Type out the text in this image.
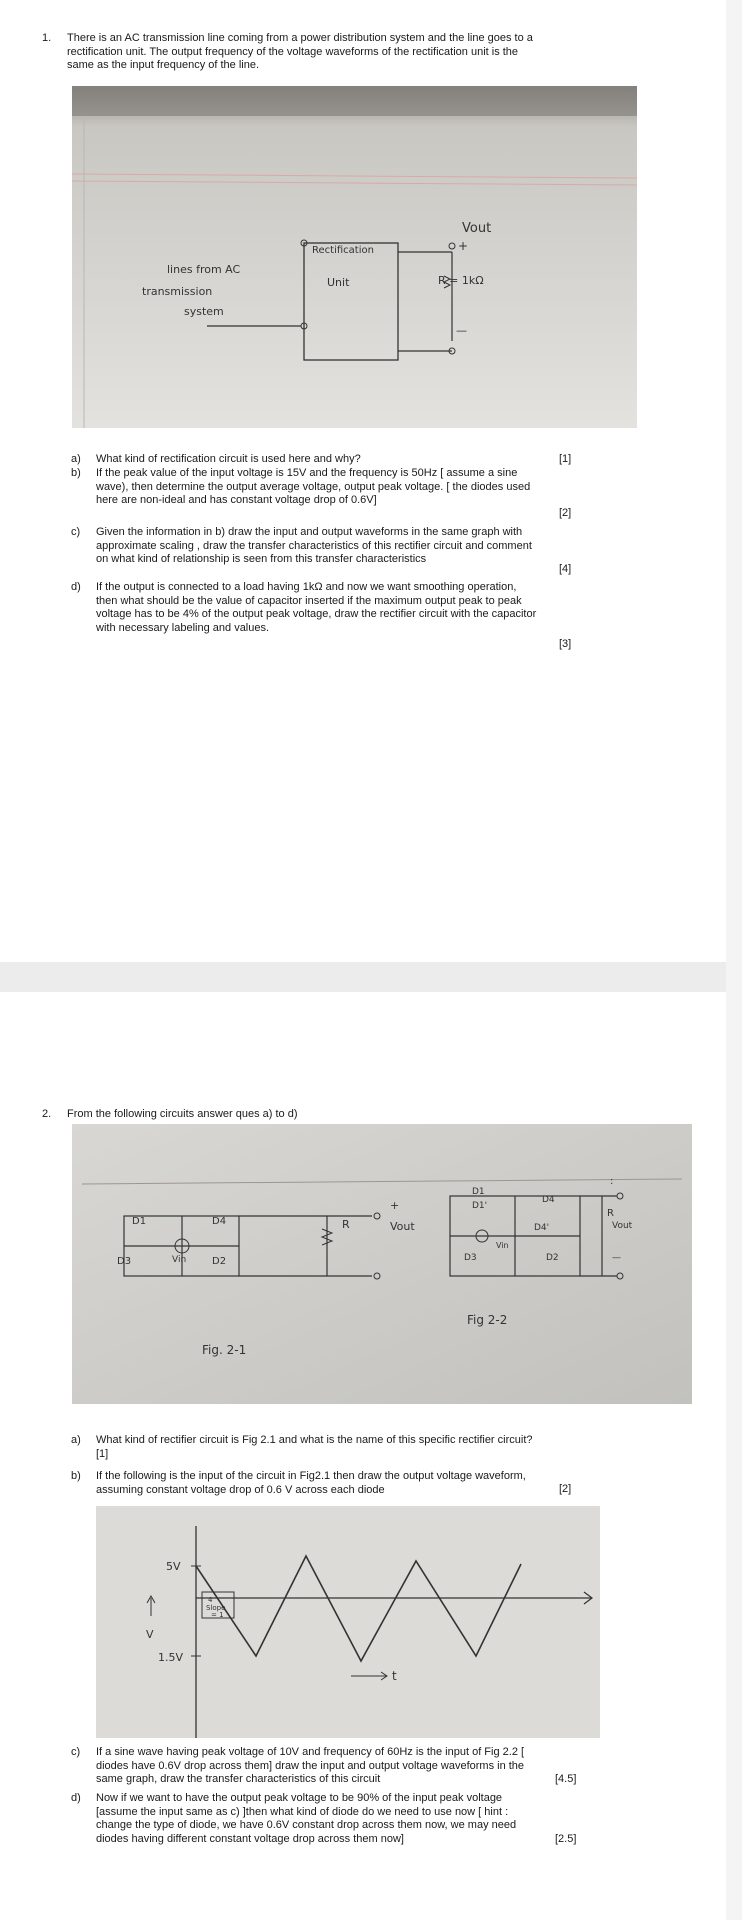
1. There is an AC transmission line coming from a power distribution system and the line goes to a
rectification unit. The output frequency of the voltage waveforms of the rectification unit is the
same as the input frequency of the line.
Vout
+
R = 1kΩ
—
Rectification
Unit
lines from AC
transmission
system
a) What kind of rectification circuit is used here and why?	[1]
b) If the peak value of the input voltage is 15V and the frequency is 50Hz [ assume a sine
wave), then determine the output average voltage, output peak voltage. [ the diodes used
here are non-ideal and has constant voltage drop of 0.6V]
[2]
c) Given the information in b) draw the input and output waveforms in the same graph with
approximate scaling , draw the transfer characteristics of this rectifier circuit and comment
on what kind of relationship is seen from this transfer characteristics
[4]
d) If the output is connected to a load having 1kΩ and now we want smoothing operation,
then what should be the value of capacitor inserted if the maximum output peak to peak
voltage has to be 4% of the output peak voltage, draw the rectifier circuit with the capacitor
with necessary labeling and values.
[3]
2. From the following circuits answer ques a) to d)
D1	D4
D3	D2
Vin
R
+
Vout
Fig. 2-1
D1
D1'
D4
D4'
D3	D2
Vin
R
:
Vout
—
Fig 2-2
a) What kind of rectifier circuit is Fig 2.1 and what is the name of this specific rectifier circuit?
[1]
b) If the following is the input of the circuit in Fig2.1 then draw the output voltage waveform,
assuming constant voltage drop of 0.6 V across each diode	[2]
5V
1.5V
V
4
Slope
= 1
t
c) If a sine wave having peak voltage of 10V and frequency of 60Hz is the input of Fig 2.2 [
diodes have 0.6V drop across them] draw the input and output voltage waveforms in the
same graph, draw the transfer characteristics of this circuit	[4.5]
d) Now if we want to have the output peak voltage to be 90% of the input peak voltage
[assume the input same as c) ]then what kind of diode do we need to use now [ hint :
change the type of diode, we have 0.6V constant drop across them now, we may need
diodes having different constant voltage drop across them now]	[2.5]
